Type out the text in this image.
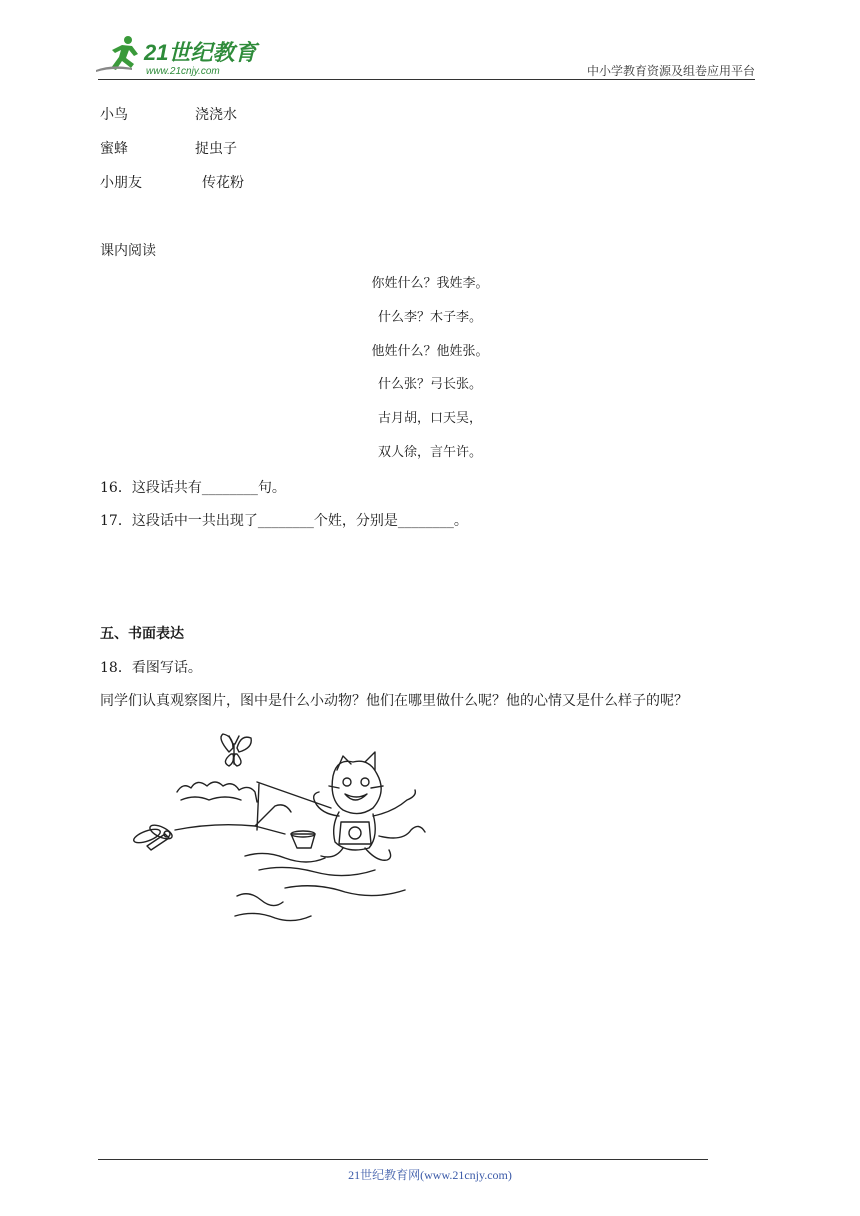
21世纪教育
www.21cnjy.com	中小学教育资源及组卷应用平台
小鸟	浇浇水
蜜蜂	捉虫子
小朋友	传花粉
课内阅读
你姓什么？我姓李。
什么李？木子李。
他姓什么？他姓张。
什么张？弓长张。
古月胡，口天吴，
双人徐，言午许。
16．这段话共有________句。
17．这段话中一共出现了________个姓，分别是________。
五、书面表达
18．看图写话。
同学们认真观察图片，图中是什么小动物？他们在哪里做什么呢？他的心情又是什么样子的呢？
21世纪教育网(www.21cnjy.com)
